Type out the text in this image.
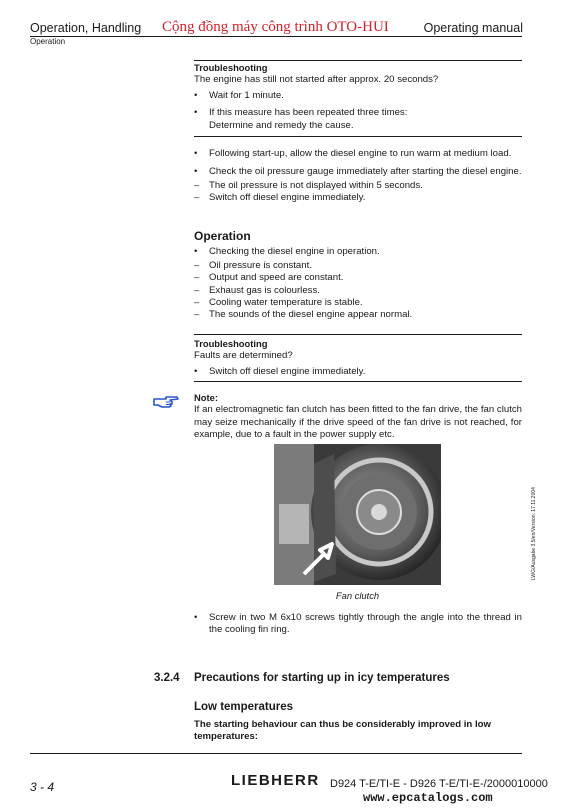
Operation, Handling
Operation
Cộng đồng máy công trình OTO-HUI	Operating manual
Troubleshooting
The engine has still not started after approx. 20 seconds?
• Wait for 1 minute.
• If this measure has been repeated three times:
Determine and remedy the cause.
• Following start-up, allow the diesel engine to run warm at medium load.
• Check the oil pressure gauge immediately after starting the diesel engine.
– The oil pressure is not displayed within 5 seconds.
– Switch off diesel engine immediately.
Operation
• Checking the diesel engine in operation.
– Oil pressure is constant.
– Output and speed are constant.
– Exhaust gas is colourless.
– Cooling water temperature is stable.
– The sounds of the diesel engine appear normal.
Troubleshooting
Faults are determined?
• Switch off diesel engine immediately.
Note:
If an electromagnetic fan clutch has been fitted to the fan drive, the fan clutch may seize mechanically if the drive speed of the fan drive is not reached, for example, due to a fault in the power supply etc.
Fan clutch
• Screw in two M 6x10 screws tightly through the angle into the thread in the cooling fin ring.
3.2.4 Precautions for starting up in icy temperatures
Low temperatures
The starting behaviour can thus be considerably improved in low temperatures:
LWG/Ausgabe 3.5/en/Version: 17.11.2004
3 - 4	LIEBHERR D924 T-E/TI-E - D926 T-E/TI-E-/2000010000
www.epcatalogs.com
